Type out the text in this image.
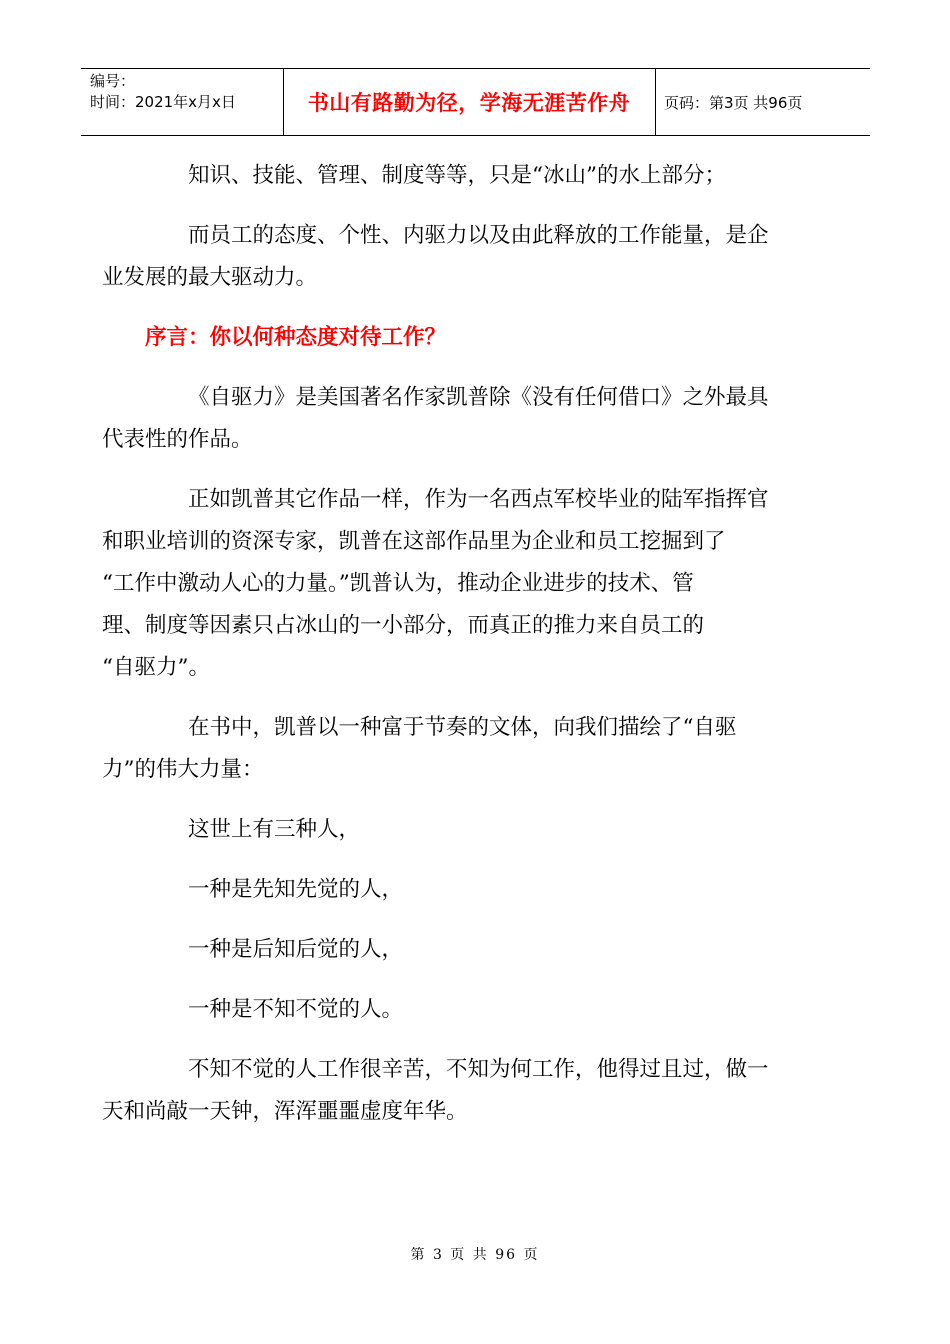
编号：
时间：2021年x月x日	书山有路勤为径，学海无涯苦作舟	页码：第3页 共96页

知识、技能、管理、制度等等，只是“冰山”的水上部分；

而员工的态度、个性、内驱力以及由此释放的工作能量，是企
业发展的最大驱动力。

序言：你以何种态度对待工作？

《自驱力》是美国著名作家凯普除《没有任何借口》之外最具
代表性的作品。

正如凯普其它作品一样，作为一名西点军校毕业的陆军指挥官
和职业培训的资深专家，凯普在这部作品里为企业和员工挖掘到了
“工作中激动人心的力量。”凯普认为，推动企业进步的技术、管
理、制度等因素只占冰山的一小部分，而真正的推力来自员工的
“自驱力”。

在书中，凯普以一种富于节奏的文体，向我们描绘了“自驱
力”的伟大力量：

这世上有三种人，

一种是先知先觉的人，

一种是后知后觉的人，

一种是不知不觉的人。

不知不觉的人工作很辛苦，不知为何工作，他得过且过，做一
天和尚敲一天钟，浑浑噩噩虚度年华。

第 3 页 共 96 页
